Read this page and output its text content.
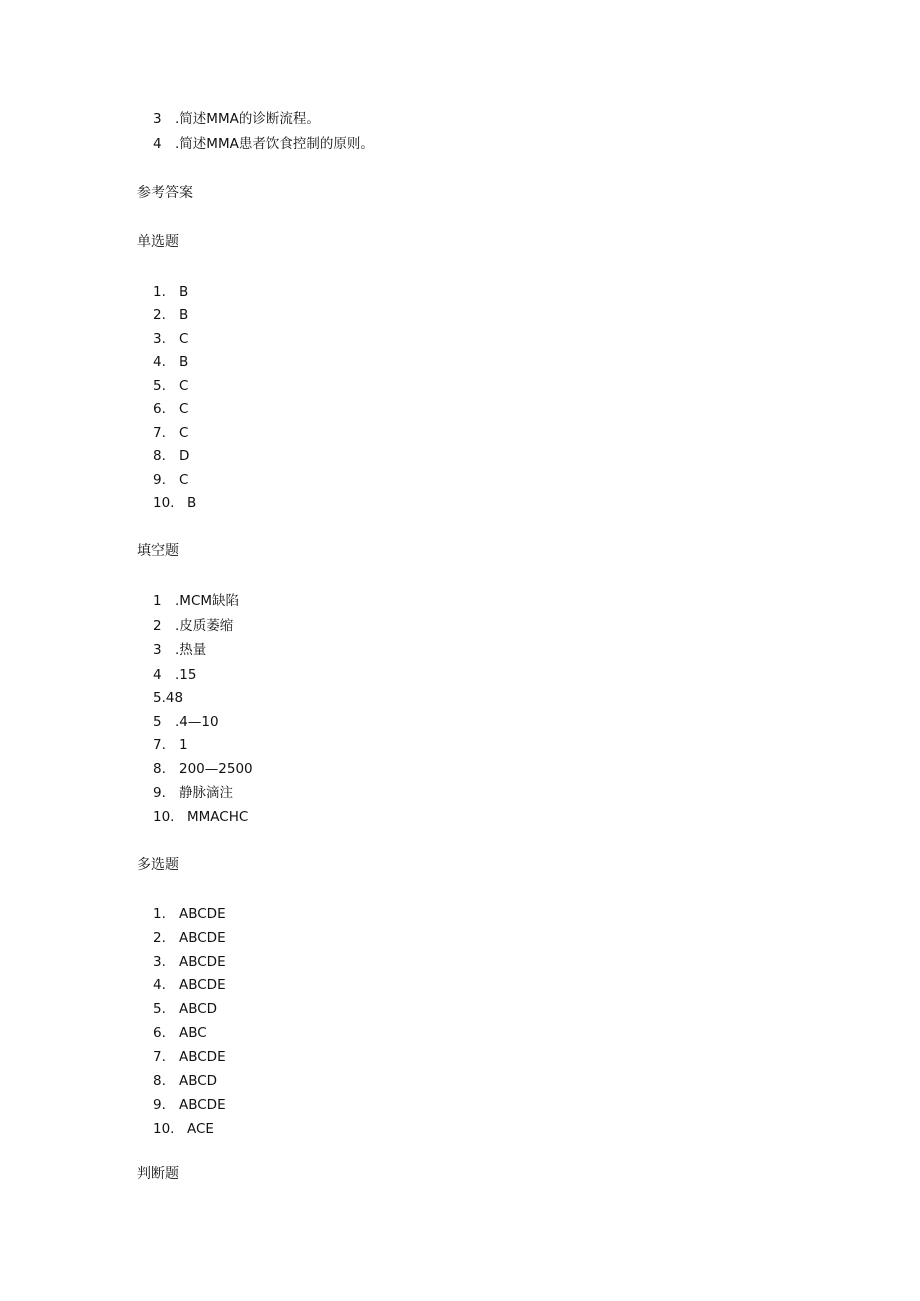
3 .简述MMA的诊断流程。
4 .简述MMA患者饮食控制的原则。
参考答案
单选题
1. B
2. B
3. C
4. B
5. C
6. C
7. C
8. D
9. C
10. B
填空题
1 .MCM缺陷
2 .皮质萎缩
3 .热量
4 .15
5.48
5 .4—10
7. 1
8. 200—2500
9. 静脉滴注
10. MMACHC
多选题
1. ABCDE
2. ABCDE
3. ABCDE
4. ABCDE
5. ABCD
6. ABC
7. ABCDE
8. ABCD
9. ABCDE
10. ACE
判断题
